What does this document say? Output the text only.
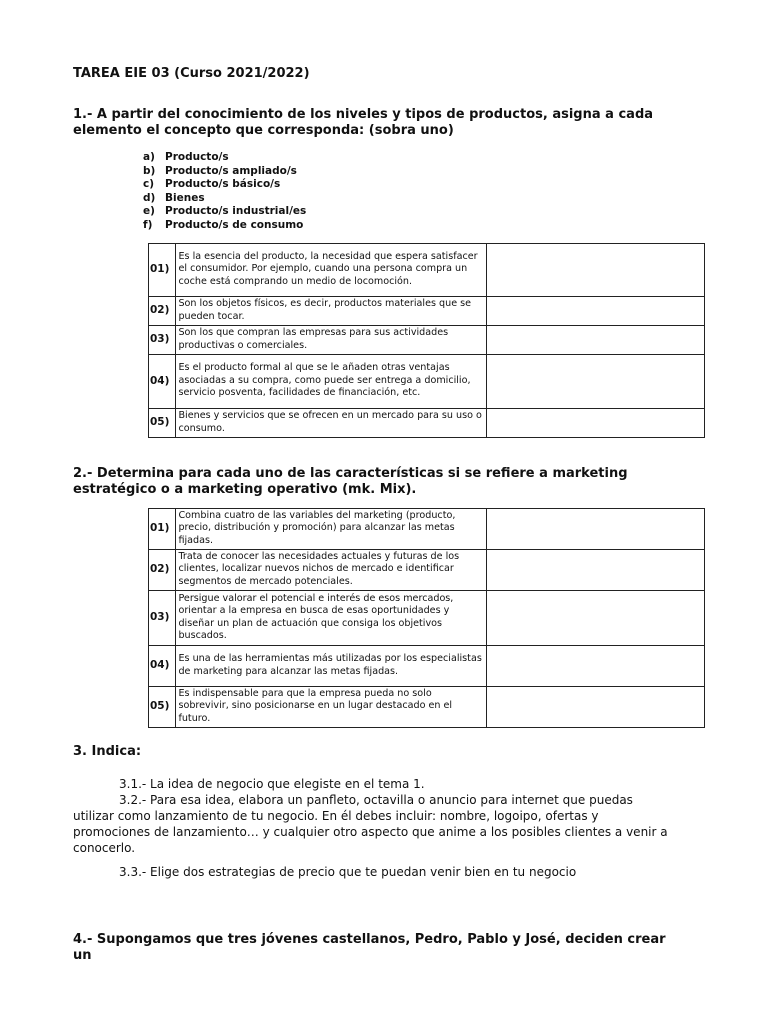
TAREA EIE 03 (Curso 2021/2022)

1.- A partir del conocimiento de los niveles y tipos de productos, asigna a cada elemento el concepto que corresponda: (sobra uno)

a) Producto/s
b) Producto/s ampliado/s
c) Producto/s básico/s
d) Bienes
e) Producto/s industrial/es
f) Producto/s de consumo
01)	Es la esencia del producto, la necesidad que espera satisfacer el consumidor. Por ejemplo, cuando una persona compra un coche está comprando un medio de locomoción.	
02)	Son los objetos físicos, es decir, productos materiales que se pueden tocar.	
03)	Son los que compran las empresas para sus actividades productivas o comerciales.	
04)	Es el producto formal al que se le añaden otras ventajas asociadas a su compra, como puede ser entrega a domicilio, servicio posventa, facilidades de financiación, etc.	
05)	Bienes y servicios que se ofrecen en un mercado para su uso o consumo.	

2.- Determina para cada uno de las características si se refiere a marketing estratégico o a marketing operativo (mk. Mix).

01)	Combina cuatro de las variables del marketing (producto, precio, distribución y promoción) para alcanzar las metas fijadas.	
02)	Trata de conocer las necesidades actuales y futuras de los clientes, localizar nuevos nichos de mercado e identificar segmentos de mercado potenciales.	
03)	Persigue valorar el potencial e interés de esos mercados, orientar a la empresa en busca de esas oportunidades y diseñar un plan de actuación que consiga los objetivos buscados.	
04)	Es una de las herramientas más utilizadas por los especialistas de marketing para alcanzar las metas fijadas.	
05)	Es indispensable para que la empresa pueda no solo sobrevivir, sino posicionarse en un lugar destacado en el futuro.	

3. Indica:

3.1.- La idea de negocio que elegiste en el tema 1.

3.2.- Para esa idea, elabora un panfleto, octavilla o anuncio para internet que puedas

utilizar como lanzamiento de tu negocio. En él debes incluir: nombre, logoipo, ofertas y promociones de lanzamiento… y cualquier otro aspecto que anime a los posibles clientes a venir a conocerlo.

3.3.- Elige dos estrategias de precio que te puedan venir bien en tu negocio

4.- Supongamos que tres jóvenes castellanos, Pedro, Pablo y José, deciden crear un
